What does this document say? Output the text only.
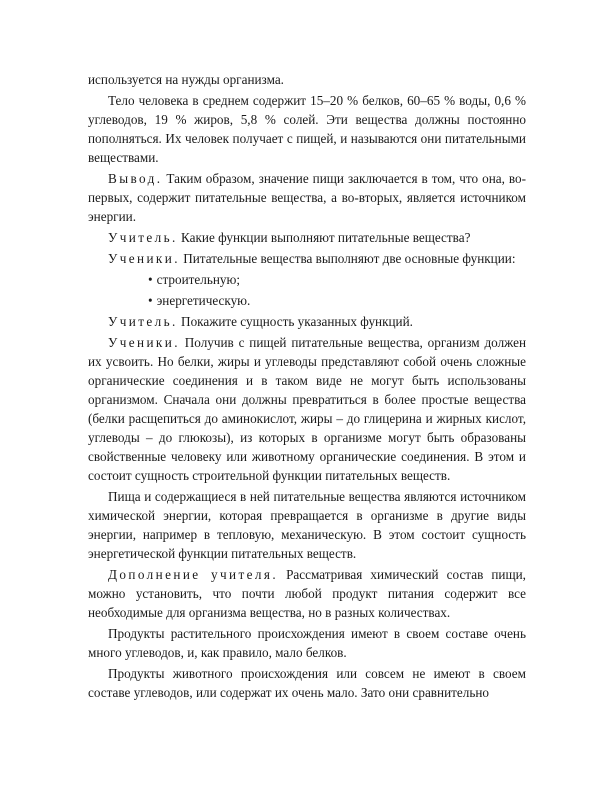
используется на нужды организма.

Тело человека в среднем содержит 15–20 % белков, 60–65 % воды, 0,6 % углеводов, 19 % жиров, 5,8 % солей. Эти вещества должны постоянно пополняться. Их человек получает с пищей, и называются они питательными веществами.

Вывод. Таким образом, значение пищи заключается в том, что она, во-первых, содержит питательные вещества, а во-вторых, является источником энергии.

Учитель. Какие функции выполняют питательные вещества?

Ученики. Питательные вещества выполняют две основные функции:

• строительную;

• энергетическую.

Учитель. Покажите сущность указанных функций.

Ученики. Получив с пищей питательные вещества, организм должен их усвоить. Но белки, жиры и углеводы представляют собой очень сложные органические соединения и в таком виде не могут быть использованы организмом. Сначала они должны превратиться в более простые вещества (белки расщепиться до аминокислот, жиры – до глицерина и жирных кислот, углеводы – до глюкозы), из которых в организме могут быть образованы свойственные человеку или животному органические соединения. В этом и состоит сущность строительной функции питательных веществ.

Пища и содержащиеся в ней питательные вещества являются источником химической энергии, которая превращается в организме в другие виды энергии, например в тепловую, механическую. В этом состоит сущность энергетической функции питательных веществ.

Дополнение учителя. Рассматривая химический состав пищи, можно установить, что почти любой продукт питания содержит все необходимые для организма вещества, но в разных количествах.

Продукты растительного происхождения имеют в своем составе очень много углеводов, и, как правило, мало белков.

Продукты животного происхождения или совсем не имеют в своем составе углеводов, или содержат их очень мало. Зато они сравнительно
